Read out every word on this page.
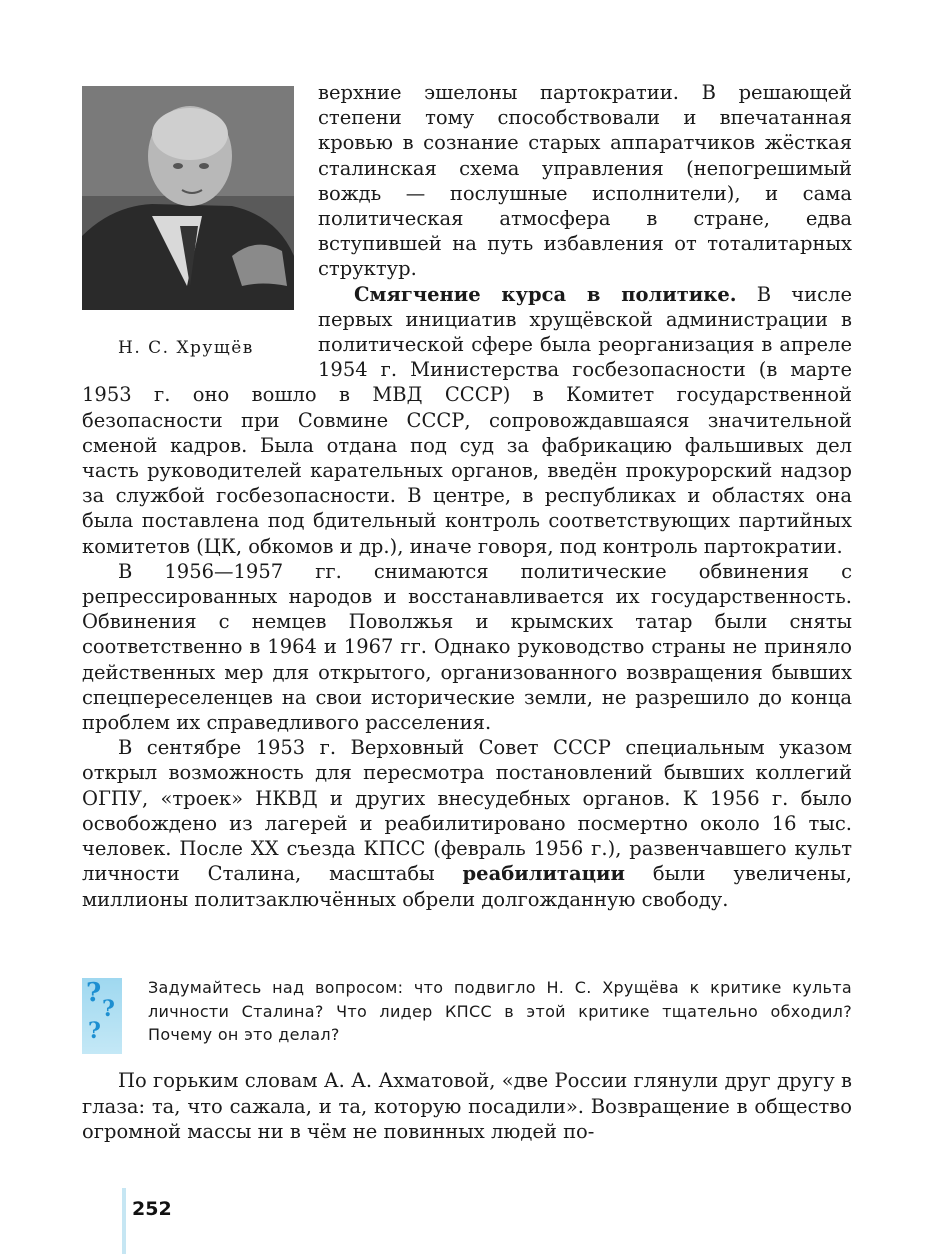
Н. С. Хрущёв

верхние эшелоны партократии. В решающей степени тому способствовали и впечатанная кровью в сознание старых аппаратчиков жёсткая сталинская схема управления (непогрешимый вождь — послушные исполнители), и сама политическая атмосфера в стране, едва вступившей на путь избавления от тоталитарных структур.

Смягчение курса в политике. В числе первых инициатив хрущёвской администрации в политической сфере была реорганизация в апреле 1954 г. Министерства госбезопасности (в марте 1953 г. оно вошло в МВД СССР) в Комитет государственной безопасности при Совмине СССР, сопровождавшаяся значительной сменой кадров. Была отдана под суд за фабрикацию фальшивых дел часть руководителей карательных органов, введён прокурорский надзор за службой госбезопасности. В центре, в республиках и областях она была поставлена под бдительный контроль соответствующих партийных комитетов (ЦК, обкомов и др.), иначе говоря, под контроль партократии.

В 1956—1957 гг. снимаются политические обвинения с репрессированных народов и восстанавливается их государственность. Обвинения с немцев Поволжья и крымских татар были сняты соответственно в 1964 и 1967 гг. Однако руководство страны не приняло действенных мер для открытого, организованного возвращения бывших спецпереселенцев на свои исторические земли, не разрешило до конца проблем их справедливого расселения.

В сентябре 1953 г. Верховный Совет СССР специальным указом открыл возможность для пересмотра постановлений бывших коллегий ОГПУ, «троек» НКВД и других внесудебных органов. К 1956 г. было освобождено из лагерей и реабилитировано посмертно около 16 тыс. человек. После XX съезда КПСС (февраль 1956 г.), развенчавшего культ личности Сталина, масштабы реабилитации были увеличены, миллионы политзаключённых обрели долгожданную свободу.

?
?
?
Задумайтесь над вопросом: что подвигло Н. С. Хрущёва к критике культа личности Сталина? Что лидер КПСС в этой критике тщательно обходил? Почему он это делал?

По горьким словам А. А. Ахматовой, «две России глянули друг другу в глаза: та, что сажала, и та, которую посадили». Возвращение в общество огромной массы ни в чём не повинных людей по-

252
